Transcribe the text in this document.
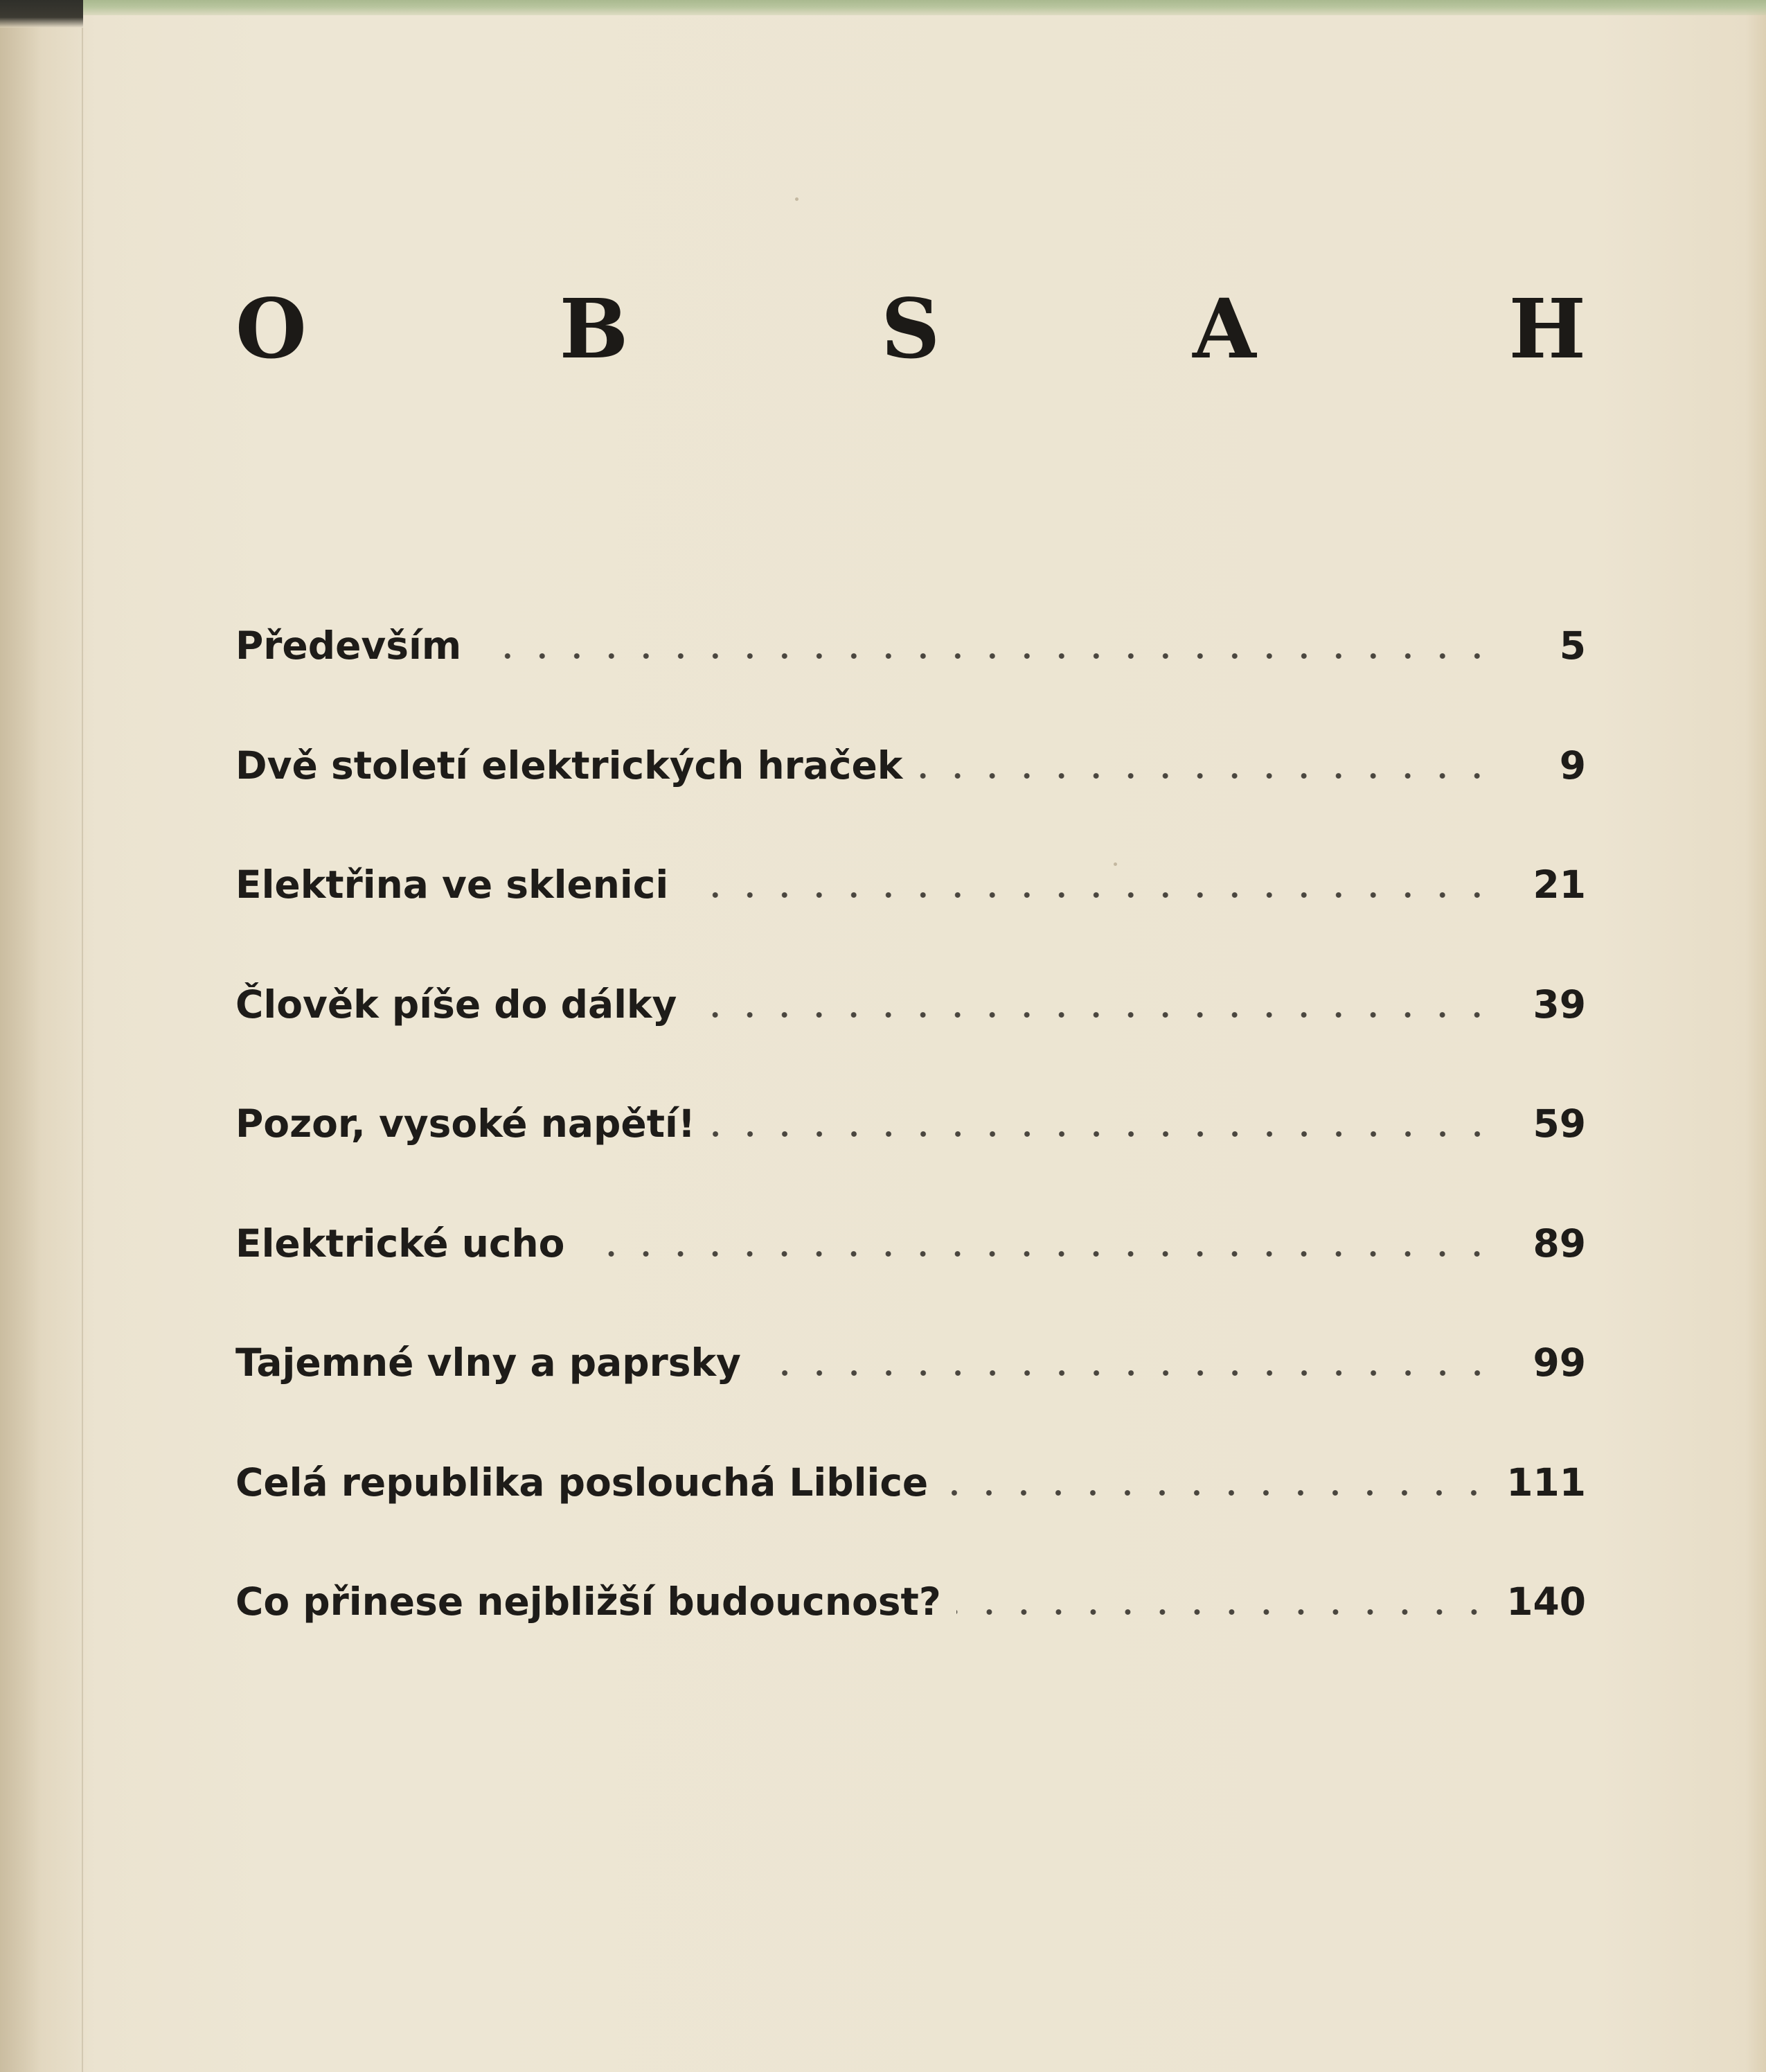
O	B	S	A	H
Především	5
Dvě století elektrických hraček	9
Elektřina ve sklenici	21
Člověk píše do dálky	39
Pozor, vysoké napětí!	59
Elektrické ucho	89
Tajemné vlny a paprsky	99
Celá republika poslouchá Liblice	111
Co přinese nejbližší budoucnost?	140
